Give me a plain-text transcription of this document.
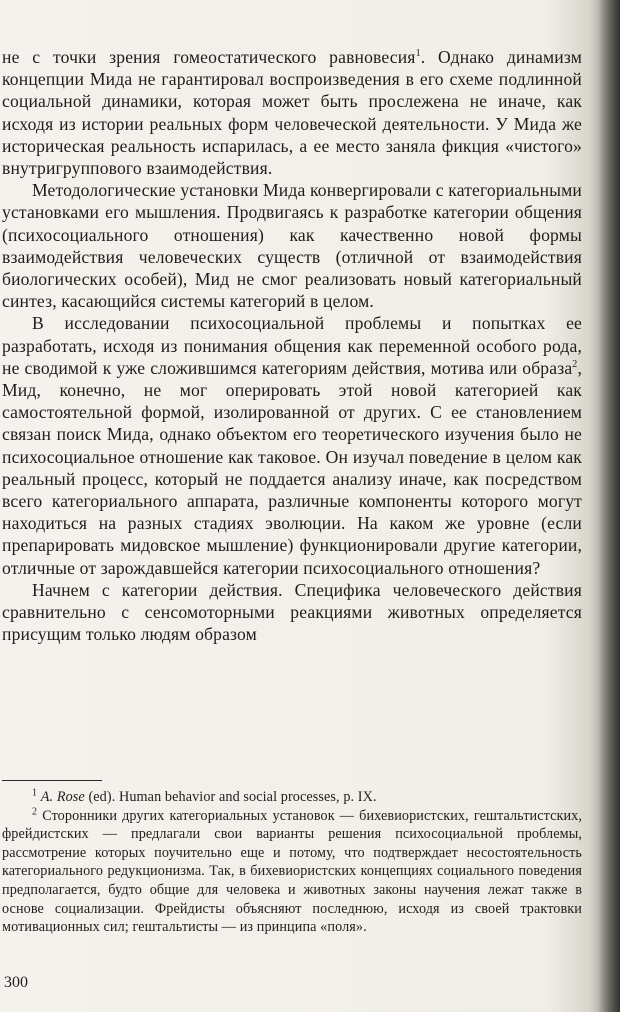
не с точки зрения гомеостатического равновесия$^1$. Однако динамизм концепции Мида не гарантировал воспроизведения в его схеме подлинной социальной динамики, которая может быть прослежена не иначе, как исходя из истории реальных форм человеческой деятельности. У Мида же историческая реальность испарилась, а ее место заняла фикция «чистого» внутригруппового взаимодействия.

Методологические установки Мида конвергировали с категориальными установками его мышления. Продвигаясь к разработке категории общения (психосоциального отношения) как качественно новой формы взаимодействия человеческих существ (отличной от взаимодействия биологических особей), Мид не смог реализовать новый категориальный синтез, касающийся системы категорий в целом.

В исследовании психосоциальной проблемы и попытках ее разработать, исходя из понимания общения как переменной особого рода, не сводимой к уже сложившимся категориям действия, мотива или образа$^2$, Мид, конечно, не мог оперировать этой новой категорией как самостоятельной формой, изолированной от других. С ее становлением связан поиск Мида, однако объектом его теоретического изучения было не психосоциальное отношение как таковое. Он изучал поведение в целом как реальный процесс, который не поддается анализу иначе, как посредством всего категориального аппарата, различные компоненты которого могут находиться на разных стадиях эволюции. На каком же уровне (если препарировать мидовское мышление) функционировали другие категории, отличные от зарождавшейся категории психосоциального отношения?

Начнем с категории действия. Специфика человеческого действия сравнительно с сенсомоторными реакциями животных определяется присущим только людям образом

$^1$ A. Rose (ed). Human behavior and social processes, p. IX.

$^2$ Сторонники других категориальных установок — бихевиористских, гештальтистских, фрейдистских — предлагали свои варианты решения психосоциальной проблемы, рассмотрение которых поучительно еще и потому, что подтверждает несостоятельность категориального редукционизма. Так, в бихевиористских концепциях социального поведения предполагается, будто общие для человека и животных законы научения лежат также в основе социализации. Фрейдисты объясняют последнюю, исходя из своей трактовки мотивационных сил; гештальтисты — из принципа «поля».

300
